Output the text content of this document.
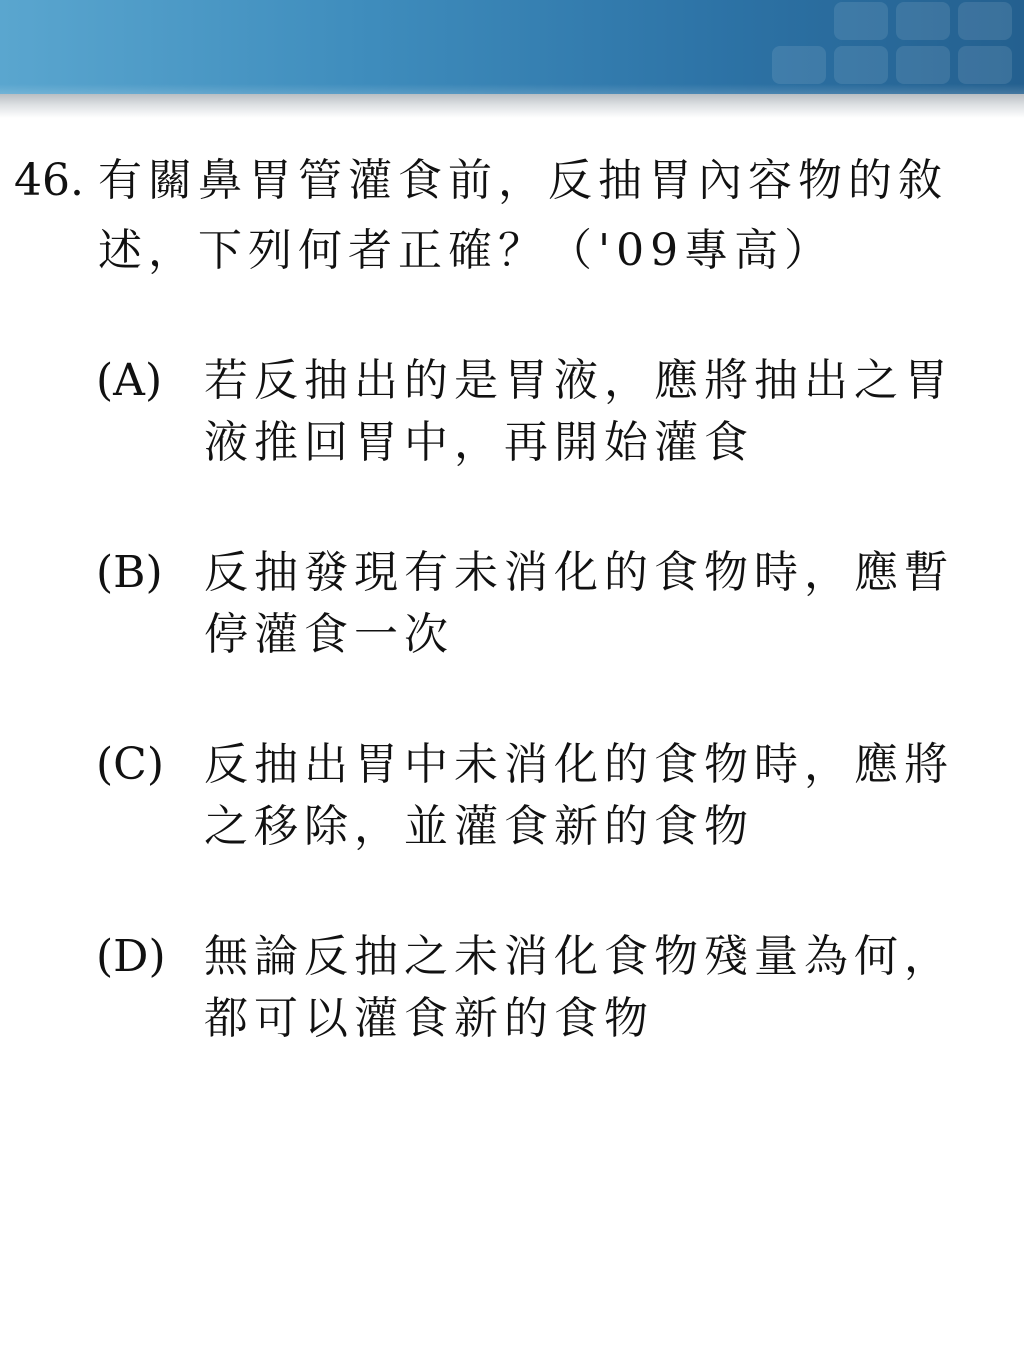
46. 有關鼻胃管灌食前，反抽胃內容物的敘
述，下列何者正確？（'09專高）
(A) 若反抽出的是胃液，應將抽出之胃
液推回胃中，再開始灌食
(B) 反抽發現有未消化的食物時，應暫
停灌食一次
(C) 反抽出胃中未消化的食物時，應將
之移除，並灌食新的食物
(D) 無論反抽之未消化食物殘量為何，
都可以灌食新的食物
